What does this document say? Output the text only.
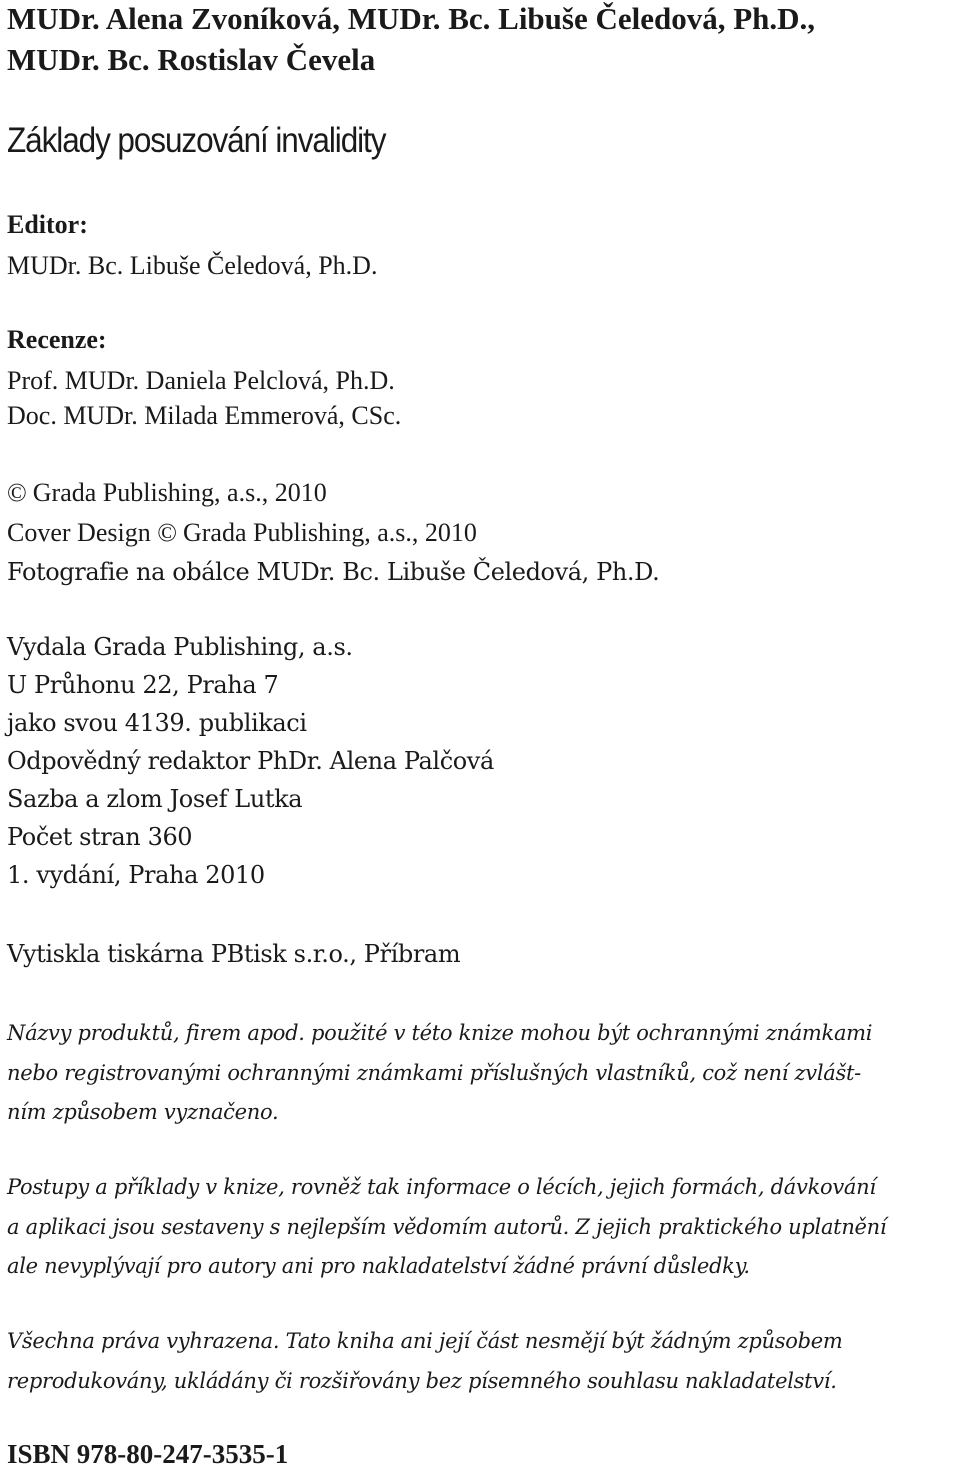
MUDr. Alena Zvoníková, MUDr. Bc. Libuše Čeledová, Ph.D.,

MUDr. Bc. Rostislav Čevela

Základy posuzování invalidity

Editor:

MUDr. Bc. Libuše Čeledová, Ph.D.

Recenze:

Prof. MUDr. Daniela Pelclová, Ph.D.

Doc. MUDr. Milada Emmerová, CSc.

© Grada Publishing, a.s., 2010

Cover Design © Grada Publishing, a.s., 2010

Fotografie na obálce MUDr. Bc. Libuše Čeledová, Ph.D.

Vydala Grada Publishing, a.s.

U Průhonu 22, Praha 7

jako svou 4139. publikaci

Odpovědný redaktor PhDr. Alena Palčová

Sazba a zlom Josef Lutka

Počet stran 360

1. vydání, Praha 2010

Vytiskla tiskárna PBtisk s.r.o., Příbram

Názvy produktů, firem apod. použité v této knize mohou být ochrannými známkami

nebo registrovanými ochrannými známkami příslušných vlastníků, což není zvlášt-

ním způsobem vyznačeno.

Postupy a příklady v knize, rovněž tak informace o lécích, jejich formách, dávkování

a aplikaci jsou sestaveny s nejlepším vědomím autorů. Z jejich praktického uplatnění

ale nevyplývají pro autory ani pro nakladatelství žádné právní důsledky.

Všechna práva vyhrazena. Tato kniha ani její část nesmějí být žádným způsobem

reprodukovány, ukládány či rozšiřovány bez písemného souhlasu nakladatelství.

ISBN 978-80-247-3535-1
